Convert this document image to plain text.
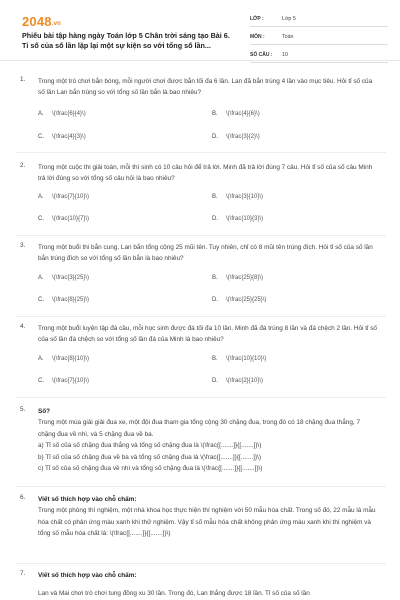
2048.vn
Phiếu bài tập hàng ngày Toán lớp 5 Chân trời sáng tạo Bài 6. Tỉ số của số lần lặp lại một sự kiện so với tổng số lần...
LỚP :	Lớp 5
MÔN :	Toán
SỐ CÂU :	10
1. Trong một trò chơi bắn bóng, mỗi người chơi được bắn tối đa 6 lần. Lan đã bắn trúng 4 lần vào mục tiêu. Hỏi tỉ số của số lần Lan bắn trúng so với tổng số lần bắn là bao nhiêu?
A. \(\frac{6}{4}\)	B. \(\frac{4}{6}\)
C. \(\frac{4}{3}\)	D. \(\frac{3}{2}\)
2. Trong một cuộc thi giải toán, mỗi thí sinh có 10 câu hỏi để trả lời. Minh đã trả lời đúng 7 câu. Hỏi tỉ số của số câu Minh trả lời đúng so với tổng số câu hỏi là bao nhiêu?
A. \(\frac{7}{10}\)	B. \(\frac{3}{10}\)
C. \(\frac{10}{7}\)	D. \(\frac{10}{3}\)
3. Trong một buổi thi bắn cung, Lan bắn tổng cộng 25 mũi tên. Tuy nhiên, chỉ có 8 mũi tên trúng đích. Hỏi tỉ số của số lần bắn trúng đích so với tổng số lần bắn là bao nhiêu?
A. \(\frac{3}{25}\)	B. \(\frac{25}{8}\)
C. \(\frac{8}{25}\)	D. \(\frac{25}{25}\)
4. Trong một buổi luyện tập đá cầu, mỗi học sinh được đá tối đa 10 lần. Minh đã đá trúng 8 lần và đá chệch 2 lần. Hỏi tỉ số của số lần đá chệch so với tổng số lần đá của Minh là bao nhiêu?
A. \(\frac{8}{10}\)	B. \(\frac{10}{10}\)
C. \(\frac{7}{10}\)	D. \(\frac{2}{10}\)
5. Số?
Trong một mùa giải giải đua xe, một đội đua tham gia tổng cộng 30 chặng đua, trong đó có 18 chặng đua thắng, 7 chặng đua về nhì, và 5 chặng đua về ba.
a) Tỉ số của số chặng đua thắng và tổng số chặng đua là \(\frac{[.......]}{[.......]}\)
b) Tỉ số của số chặng đua về ba và tổng số chặng đua là \(\frac{[.......]}{[.......]}\)
c) Tỉ số của số chặng đua về nhì và tổng số chặng đua là \(\frac{[.......]}{[.......]}\)
6. Viết số thích hợp vào chỗ chấm:
Trong một phòng thí nghiệm, một nhà khoa học thực hiện thí nghiệm với 50 mẫu hóa chất. Trong số đó, 22 mẫu là mẫu hóa chất có phản ứng màu xanh khi thử nghiệm. Vậy tỉ số mẫu hóa chất không phản ứng màu xanh khi thí nghiệm và tổng số mẫu hóa chất là: \(\frac{[.......]}{[.......]}\)
7. Viết số thích hợp vào chỗ chấm:
Lan và Mai chơi trò chơi tung đồng xu 30 lần. Trong đó, Lan thắng được 18 lần. Tỉ số của số lần
